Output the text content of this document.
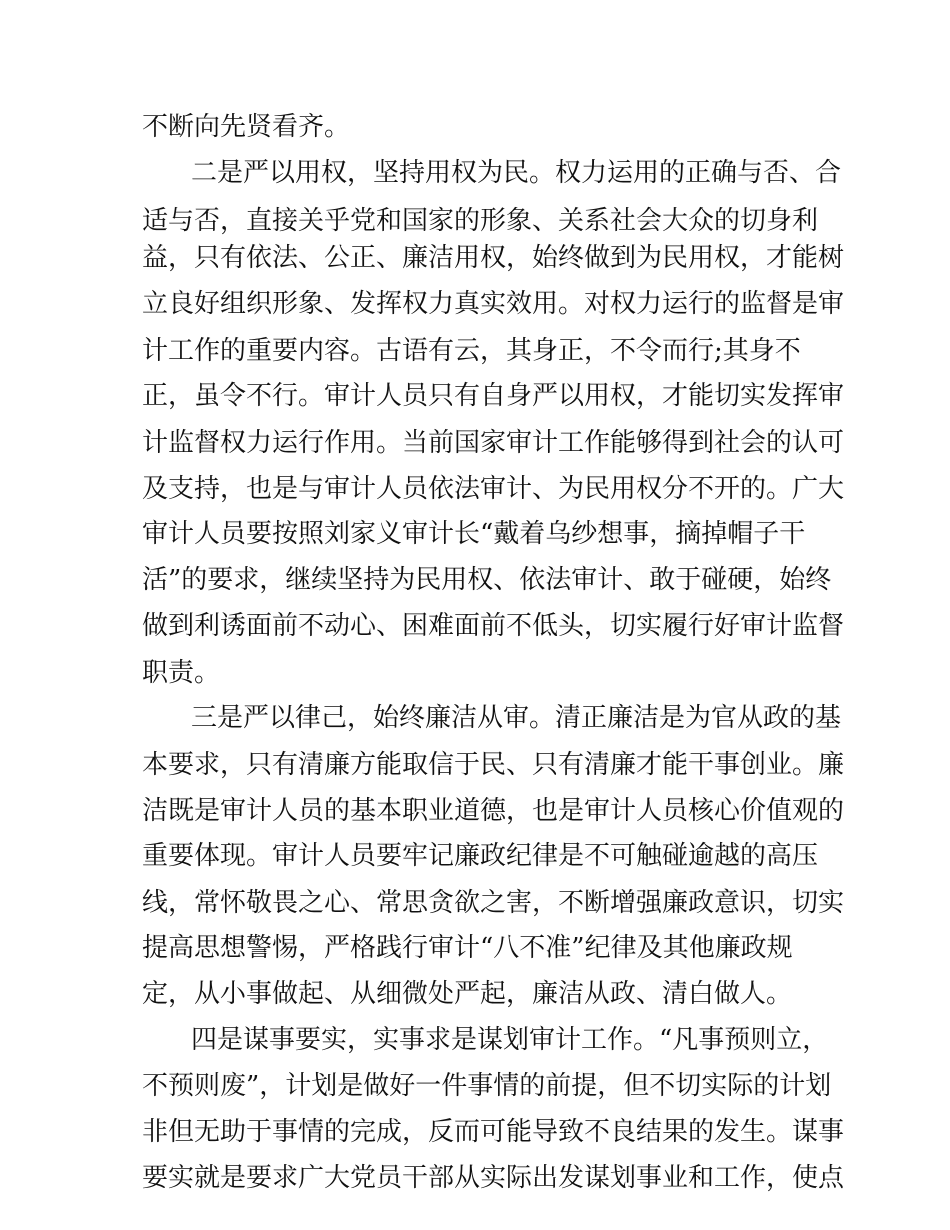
不断向先贤看齐。
二是严以用权，坚持用权为民。权力运用的正确与否、合
适与否，直接关乎党和国家的形象、关系社会大众的切身利
益，只有依法、公正、廉洁用权，始终做到为民用权，才能树
立良好组织形象、发挥权力真实效用。对权力运行的监督是审
计工作的重要内容。古语有云，其身正，不令而行;其身不
正，虽令不行。审计人员只有自身严以用权，才能切实发挥审
计监督权力运行作用。当前国家审计工作能够得到社会的认可
及支持，也是与审计人员依法审计、为民用权分不开的。广大
审计人员要按照刘家义审计长“戴着乌纱想事，摘掉帽子干
活”的要求，继续坚持为民用权、依法审计、敢于碰硬，始终
做到利诱面前不动心、困难面前不低头，切实履行好审计监督
职责。
三是严以律己，始终廉洁从审。清正廉洁是为官从政的基
本要求，只有清廉方能取信于民、只有清廉才能干事创业。廉
洁既是审计人员的基本职业道德，也是审计人员核心价值观的
重要体现。审计人员要牢记廉政纪律是不可触碰逾越的高压
线，常怀敬畏之心、常思贪欲之害，不断增强廉政意识，切实
提高思想警惕，严格践行审计“八不准”纪律及其他廉政规
定，从小事做起、从细微处严起，廉洁从政、清白做人。
四是谋事要实，实事求是谋划审计工作。“凡事预则立，
不预则废”，计划是做好一件事情的前提，但不切实际的计划
非但无助于事情的完成，反而可能导致不良结果的发生。谋事
要实就是要求广大党员干部从实际出发谋划事业和工作，使点
